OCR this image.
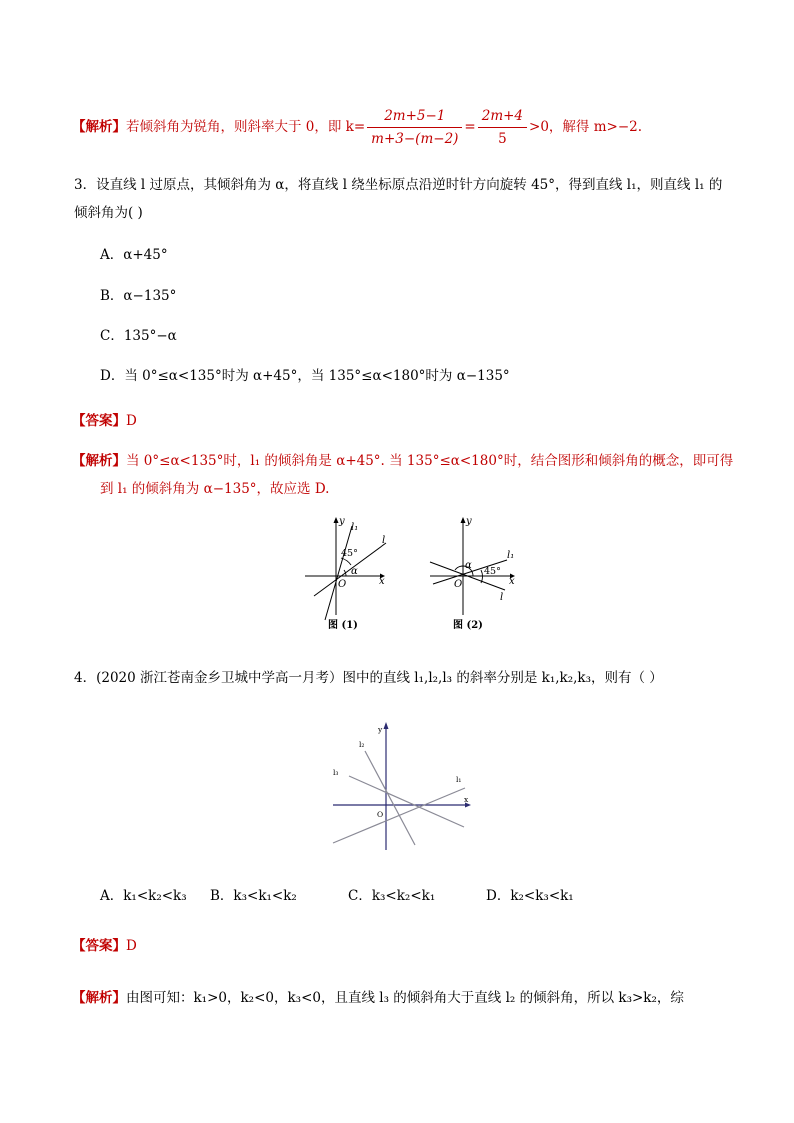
【解析】若倾斜角为锐角，则斜率大于 0，即 $k= \frac{2m+5-1}{m+3-(m-2)} = \frac{2m+4}{5} >0$，解得 m>−2.
3．设直线 l 过原点，其倾斜角为 α，将直线 l 绕坐标原点沿逆时针方向旋转 45°，得到直线 l₁，则直线 l₁ 的
倾斜角为( )
A．α+45°
B．α−135°
C．135°−α
D．当 0°≤α<135°时为 α+45°，当 135°≤α<180°时为 α−135°
【答案】D
【解析】当 0°≤α<135°时，l₁ 的倾斜角是 α+45°. 当 135°≤α<180°时，结合图形和倾斜角的概念，即可得
到 l₁ 的倾斜角为 α−135°，故应选 D.
y
l₁
l
45°
α
O	x
图 (1)
y
l₁
α
45°
O	x
l
图 (2)
4．(2020 浙江苍南金乡卫城中学高一月考）图中的直线 l₁,l₂,l₃ 的斜率分别是 k₁,k₂,k₃，则有（ ）
y
l₂
l₃
l₁
O
x
A．k₁<k₂<k₃ B．k₃<k₁<k₂	C．k₃<k₂<k₁	D．k₂<k₃<k₁
【答案】D
【解析】由图可知：k₁>0，k₂<0，k₃<0，且直线 l₃ 的倾斜角大于直线 l₂ 的倾斜角，所以 k₃>k₂，综
